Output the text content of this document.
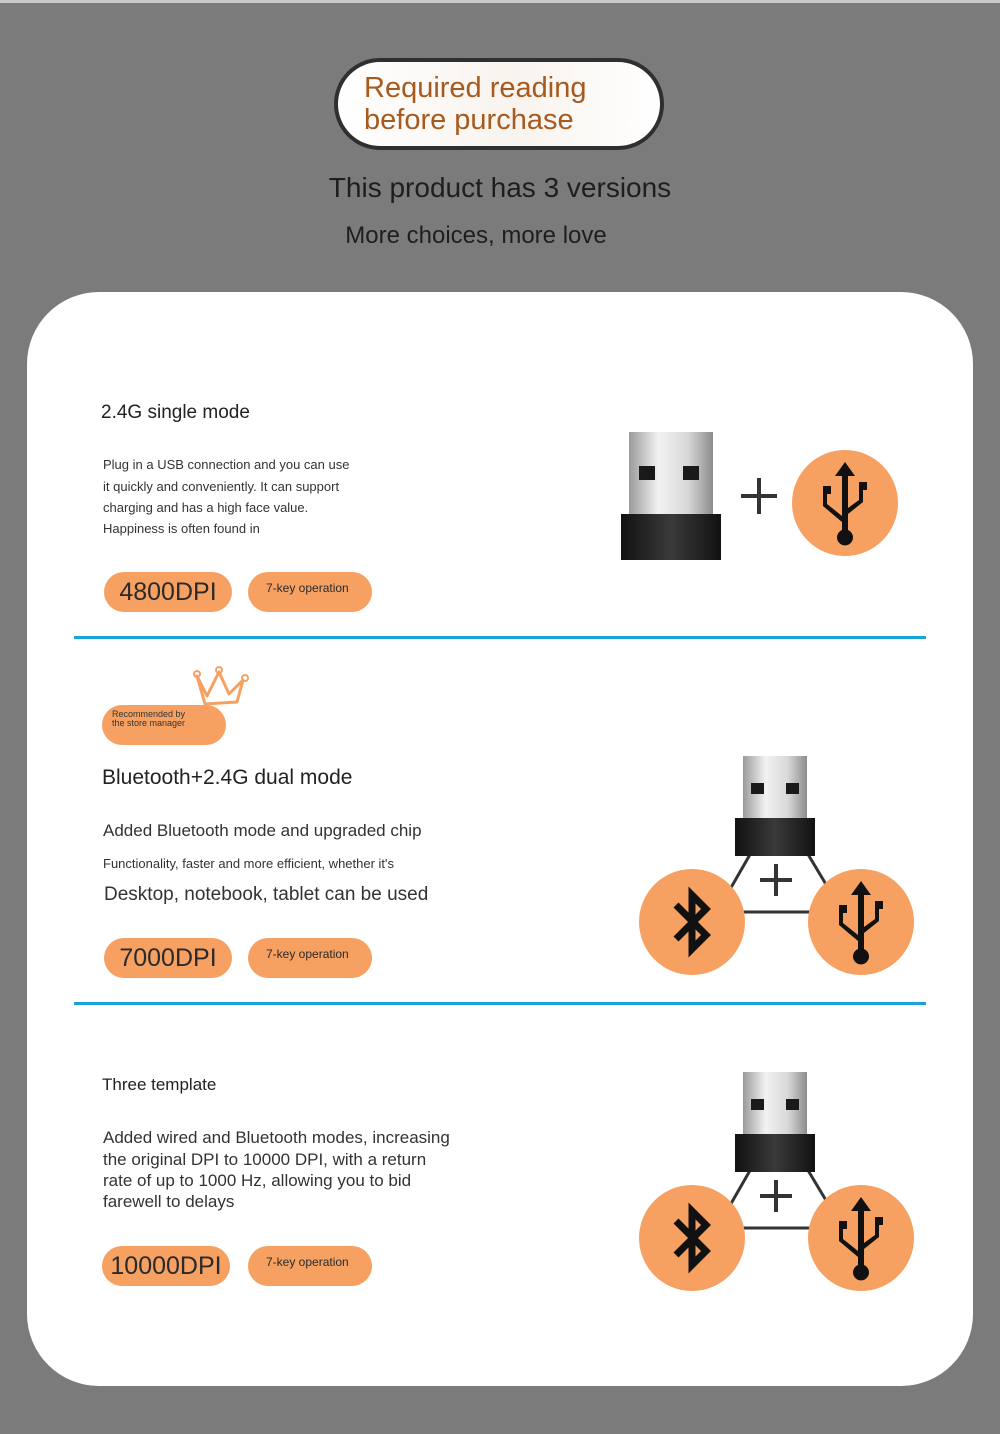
Required reading
before purchase
This product has 3 versions
More choices, more love
2.4G single mode
Plug in a USB connection and you can use
it quickly and conveniently. It can support
charging and has a high face value.
Happiness is often found in
4800DPI	7-key operation
Recommended by
the store manager
Bluetooth+2.4G dual mode
Added Bluetooth mode and upgraded chip
Functionality, faster and more efficient, whether it's
Desktop, notebook, tablet can be used
7000DPI	7-key operation
Three template
Added wired and Bluetooth modes, increasing
the original DPI to 10000 DPI, with a return
rate of up to 1000 Hz, allowing you to bid
farewell to delays
10000DPI	7-key operation
